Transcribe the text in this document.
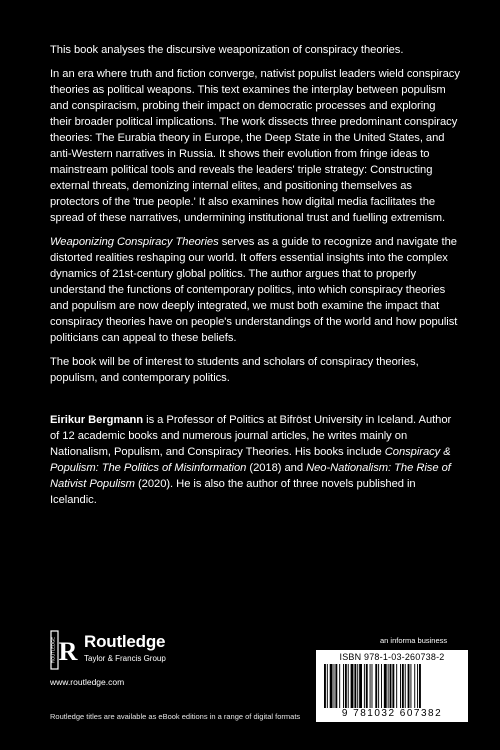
This book analyses the discursive weaponization of conspiracy theories.

In an era where truth and fiction converge, nativist populist leaders wield conspiracy theories as political weapons. This text examines the interplay between populism and conspiracism, probing their impact on democratic processes and exploring their broader political implications. The work dissects three predominant conspiracy theories: The Eurabia theory in Europe, the Deep State in the United States, and anti-Western narratives in Russia. It shows their evolution from fringe ideas to mainstream political tools and reveals the leaders' triple strategy: Constructing external threats, demonizing internal elites, and positioning themselves as protectors of the 'true people.' It also examines how digital media facilitates the spread of these narratives, undermining institutional trust and fuelling extremism.

Weaponizing Conspiracy Theories serves as a guide to recognize and navigate the distorted realities reshaping our world. It offers essential insights into the complex dynamics of 21st-century global politics. The author argues that to properly understand the functions of contemporary politics, into which conspiracy theories and populism are now deeply integrated, we must both examine the impact that conspiracy theories have on people's understandings of the world and how populist politicians can appeal to these beliefs.

The book will be of interest to students and scholars of conspiracy theories, populism, and contemporary politics.

Eirikur Bergmann is a Professor of Politics at Bifröst University in Iceland. Author of 12 academic books and numerous journal articles, he writes mainly on Nationalism, Populism, and Conspiracy Theories. His books include Conspiracy & Populism: The Politics of Misinformation (2018) and Neo-Nationalism: The Rise of Nativist Populism (2020). He is also the author of three novels published in Icelandic.

ROUTLEDGE R Routledge
Taylor & Francis Group
www.routledge.com
Routledge titles are available as eBook editions in a range of digital formats
an informa business
ISBN 978-1-03-260738-2
9 781032 607382
